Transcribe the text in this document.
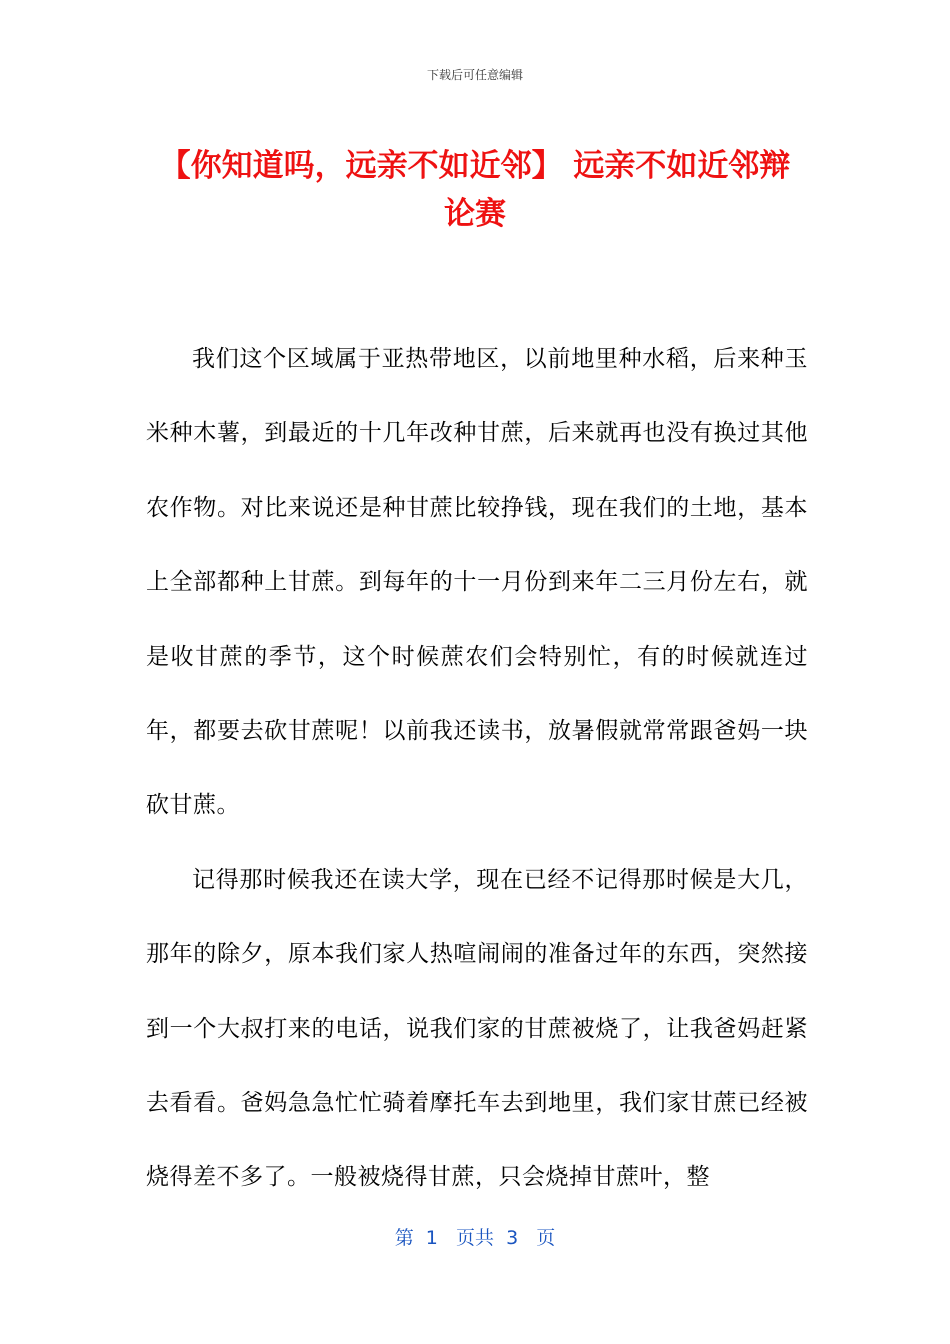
下载后可任意编辑
【你知道吗，远亲不如近邻】 远亲不如近邻辩论赛

我们这个区域属于亚热带地区，以前地里种水稻，后来种玉米种木薯，到最近的十几年改种甘蔗，后来就再也没有换过其他农作物。对比来说还是种甘蔗比较挣钱，现在我们的土地，基本上全部都种上甘蔗。到每年的十一月份到来年二三月份左右，就是收甘蔗的季节，这个时候蔗农们会特别忙，有的时候就连过年，都要去砍甘蔗呢！以前我还读书，放暑假就常常跟爸妈一块砍甘蔗。

记得那时候我还在读大学，现在已经不记得那时候是大几，那年的除夕，原本我们家人热喧闹闹的准备过年的东西，突然接到一个大叔打来的电话，说我们家的甘蔗被烧了，让我爸妈赶紧去看看。爸妈急急忙忙骑着摩托车去到地里，我们家甘蔗已经被烧得差不多了。一般被烧得甘蔗，只会烧掉甘蔗叶，整

第  1   页共  3   页
